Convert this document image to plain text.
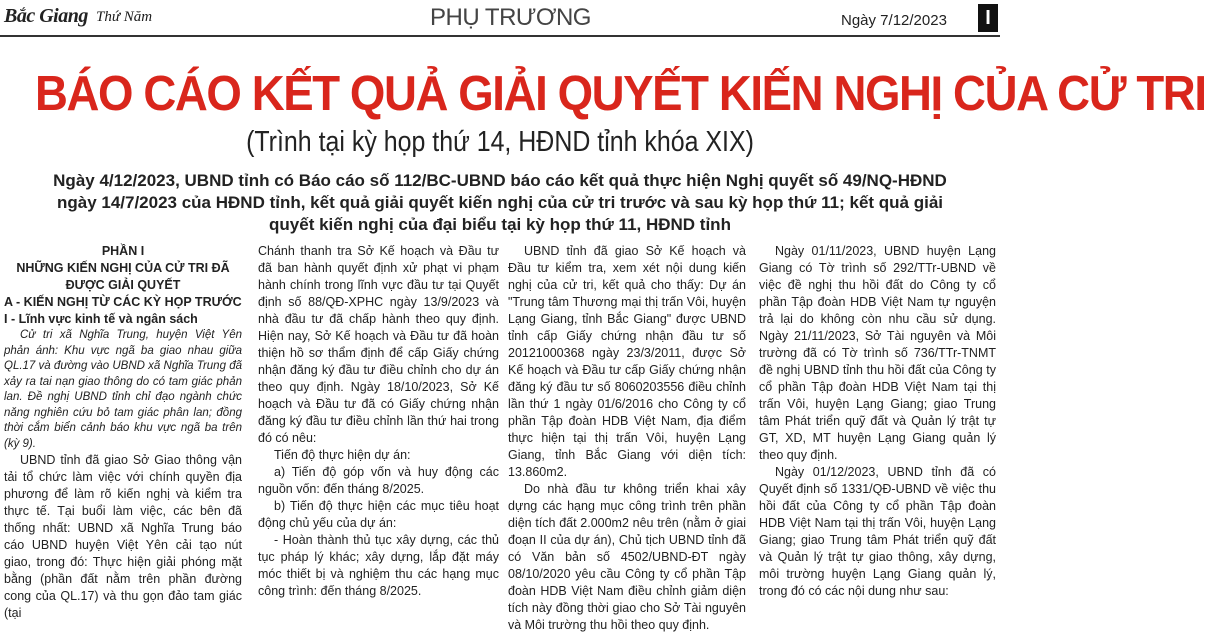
Bắc Giang Thứ Năm	PHỤ TRƯƠNG	Ngày 7/12/2023	I
BÁO CÁO KẾT QUẢ GIẢI QUYẾT KIẾN NGHỊ CỦA CỬ TRI
(Trình tại kỳ họp thứ 14, HĐND tỉnh khóa XIX)
Ngày 4/12/2023, UBND tỉnh có Báo cáo số 112/BC-UBND báo cáo kết quả thực hiện Nghị quyết số 49/NQ-HĐND ngày 14/7/2023 của HĐND tỉnh, kết quả giải quyết kiến nghị của cử tri trước và sau kỳ họp thứ 11; kết quả giải quyết kiến nghị của đại biểu tại kỳ họp thứ 11, HĐND tỉnh
PHẦN I
NHỮNG KIẾN NGHỊ CỦA CỬ TRI ĐÃ ĐƯỢC GIẢI QUYẾT
A - KIẾN NGHỊ TỪ CÁC KỲ HỌP TRƯỚC
I - Lĩnh vực kinh tế và ngân sách

Cử tri xã Nghĩa Trung, huyện Việt Yên phản ánh: Khu vực ngã ba giao nhau giữa QL.17 và đường vào UBND xã Nghĩa Trung đã xảy ra tai nạn giao thông do có tam giác phản lan. Đề nghị UBND tỉnh chỉ đạo ngành chức năng nghiên cứu bỏ tam giác phân lan; đồng thời cắm biển cảnh báo khu vực ngã ba trên (kỳ 9).

UBND tỉnh đã giao Sở Giao thông vận tải tổ chức làm việc với chính quyền địa phương để làm rõ kiến nghị và kiểm tra thực tế. Tại buổi làm việc, các bên đã thống nhất: UBND xã Nghĩa Trung báo cáo UBND huyện Việt Yên cải tạo nút giao, trong đó: Thực hiện giải phóng mặt bằng (phần đất nằm trên phần đường cong của QL.17) và thu gọn đảo tam giác (tại

Chánh thanh tra Sở Kế hoạch và Đầu tư đã ban hành quyết định xử phạt vi phạm hành chính trong lĩnh vực đầu tư tại Quyết định số 88/QĐ-XPHC ngày 13/9/2023 và nhà đầu tư đã chấp hành theo quy định. Hiện nay, Sở Kế hoạch và Đầu tư đã hoàn thiện hồ sơ thẩm định để cấp Giấy chứng nhận đăng ký đầu tư điều chỉnh cho dự án theo quy định. Ngày 18/10/2023, Sở Kế hoạch và Đầu tư đã có Giấy chứng nhận đăng ký đầu tư điều chỉnh lần thứ hai trong đó có nêu:

Tiến độ thực hiện dự án:

a) Tiến độ góp vốn và huy động các nguồn vốn: đến tháng 8/2025.

b) Tiến độ thực hiện các mục tiêu hoạt động chủ yếu của dự án:

- Hoàn thành thủ tục xây dựng, các thủ tục pháp lý khác; xây dựng, lắp đặt máy móc thiết bị và nghiệm thu các hạng mục công trình: đến tháng 8/2025.

UBND tỉnh đã giao Sở Kế hoạch và Đầu tư kiểm tra, xem xét nội dung kiến nghị của cử tri, kết quả cho thấy: Dự án "Trung tâm Thương mại thị trấn Vôi, huyện Lạng Giang, tỉnh Bắc Giang" được UBND tỉnh cấp Giấy chứng nhận đầu tư số 20121000368 ngày 23/3/2011, được Sở Kế hoạch và Đầu tư cấp Giấy chứng nhận đăng ký đầu tư số 8060203556 điều chỉnh lần thứ 1 ngày 01/6/2016 cho Công ty cổ phần Tập đoàn HDB Việt Nam, địa điểm thực hiện tại thị trấn Vôi, huyện Lạng Giang, tỉnh Bắc Giang với diện tích: 13.860m2.

Do nhà đầu tư không triển khai xây dựng các hạng mục công trình trên phần diện tích đất 2.000m2 nêu trên (nằm ở giai đoạn II của dự án), Chủ tịch UBND tỉnh đã có Văn bản số 4502/UBND-ĐT ngày 08/10/2020 yêu cầu Công ty cổ phần Tập đoàn HDB Việt Nam điều chỉnh giảm diện tích này đồng thời giao cho Sở Tài nguyên và Môi trường thu hồi theo quy định.

Ngày 01/11/2023, UBND huyện Lạng Giang có Tờ trình số 292/TTr-UBND về việc đề nghị thu hồi đất do Công ty cổ phần Tập đoàn HDB Việt Nam tự nguyện trả lại do không còn nhu cầu sử dụng. Ngày 21/11/2023, Sở Tài nguyên và Môi trường đã có Tờ trình số 736/TTr-TNMT đề nghị UBND tỉnh thu hồi đất của Công ty cổ phần Tập đoàn HDB Việt Nam tại thị trấn Vôi, huyện Lạng Giang; giao Trung tâm Phát triển quỹ đất và Quản lý trật tự GT, XD, MT huyện Lạng Giang quản lý theo quy định.

Ngày 01/12/2023, UBND tỉnh đã có Quyết định số 1331/QĐ-UBND về việc thu hồi đất của Công ty cổ phần Tập đoàn HDB Việt Nam tại thị trấn Vôi, huyện Lạng Giang; giao Trung tâm Phát triển quỹ đất và Quản lý trật tự giao thông, xây dựng, môi trường huyện Lạng Giang quản lý, trong đó có các nội dung như sau:
